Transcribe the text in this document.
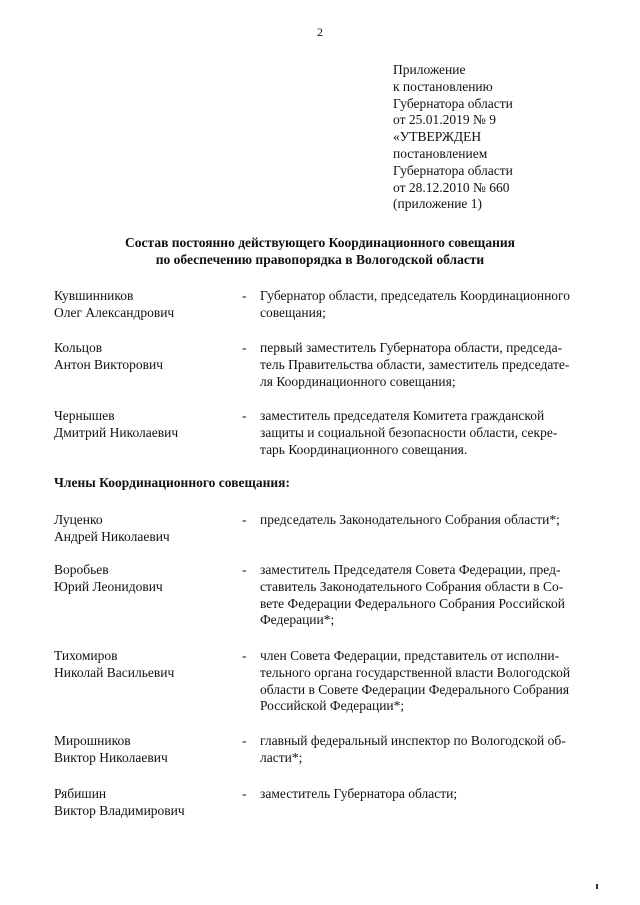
2
Приложение
к постановлению
Губернатора области
от 25.01.2019 № 9
«УТВЕРЖДЕН
постановлением
Губернатора области
от 28.12.2010 № 660
(приложение 1)
Состав постоянно действующего Координационного совещания
по обеспечению правопорядка в Вологодской области
Кувшинников
Олег Александрович
- Губернатор области, председатель Координационного
совещания;
Кольцов
Антон Викторович
- первый заместитель Губернатора области, председа-
тель Правительства области, заместитель председате-
ля Координационного совещания;
Чернышев
Дмитрий Николаевич
- заместитель председателя Комитета гражданской
защиты и социальной безопасности области, секре-
тарь Координационного совещания.
Члены Координационного совещания:
Луценко
Андрей Николаевич
- председатель Законодательного Собрания области*;
Воробьев
Юрий Леонидович
- заместитель Председателя Совета Федерации, пред-
ставитель Законодательного Собрания области в Со-
вете Федерации Федерального Собрания Российской
Федерации*;
Тихомиров
Николай Васильевич
- член Совета Федерации, представитель от исполни-
тельного органа государственной власти Вологодской
области в Совете Федерации Федерального Собрания
Российской Федерации*;
Мирошников
Виктор Николаевич
- главный федеральный инспектор по Вологодской об-
ласти*;
Рябишин
Виктор Владимирович
- заместитель Губернатора области;
